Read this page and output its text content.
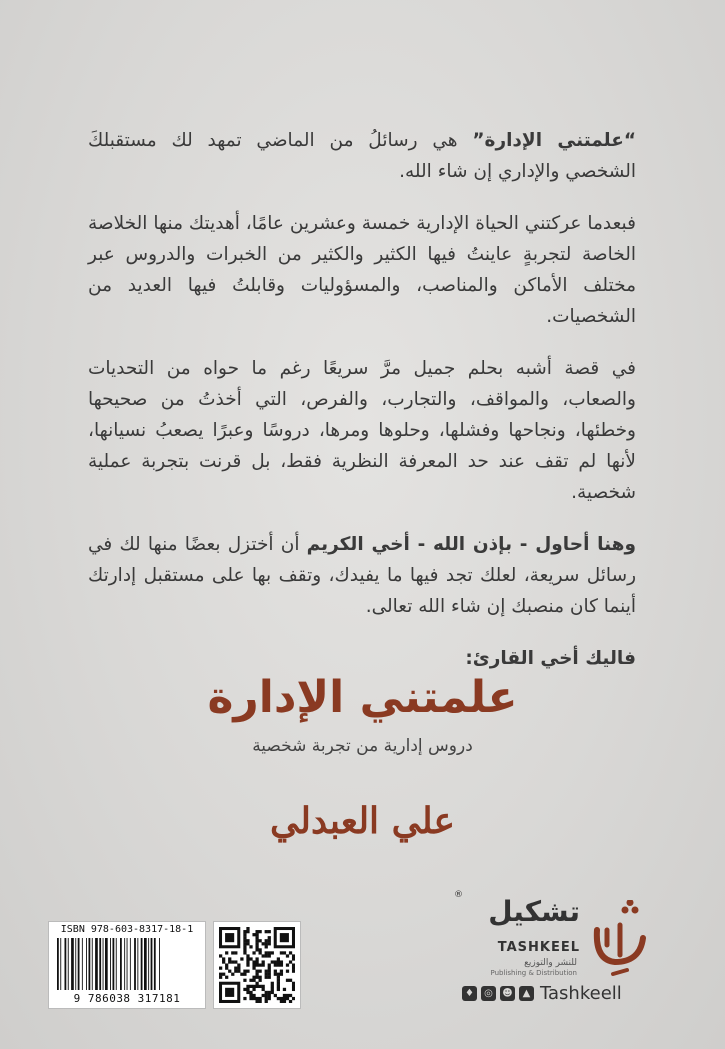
“علمتني الإدارة” هي رسائلُ من الماضي تمهد لك مستقبلكَ الشخصي والإداري إن شاء الله.

فبعدما عركتني الحياة الإدارية خمسة وعشرين عامًا، أهديتك منها الخلاصة الخاصة لتجربةٍ عاينتُ فيها الكثير والكثير من الخبرات والدروس عبر مختلف الأماكن والمناصب، والمسؤوليات وقابلتُ فيها العديد من الشخصيات.

في قصة أشبه بحلم جميل مرَّ سريعًا رغم ما حواه من التحديات والصعاب، والمواقف، والتجارب، والفرص، التي أخذتُ من صحيحها وخطئها، ونجاحها وفشلها، وحلوها ومرها، دروسًا وعبرًا يصعبُ نسيانها، لأنها لم تقف عند حد المعرفة النظرية فقط، بل قرنت بتجربة عملية شخصية.

وهنا أحاول - بإذن الله - أخي الكريم أن أختزل بعضًا منها لك في رسائل سريعة، لعلك تجد فيها ما يفيدك، وتقف بها على مستقبل إدارتك أينما كان منصبك إن شاء الله تعالى.

فاليك أخي القارئ:

علمتني الإدارة
دروس إدارية من تجربة شخصية
علي العبدلي
ISBN 978-603-8317-18-1
9 786038 317181
® تشكيل
TASHKEEL
للنشر والتوزيع
Publishing & Distribution
♦	◎ ☻ ▲ Tashkeell
